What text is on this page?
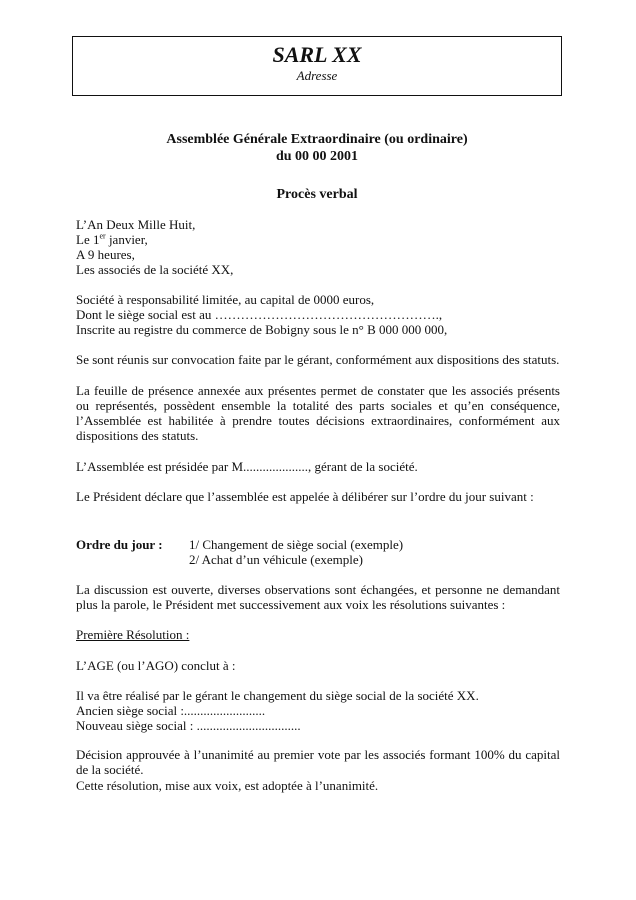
SARL XX
Adresse
Assemblée Générale Extraordinaire (ou ordinaire)
du 00 00 2001
Procès verbal
L’An Deux Mille Huit,
Le 1er janvier,
A 9 heures,
Les associés de la société XX,
Société à responsabilité limitée, au capital de 0000 euros,
Dont le siège social est au …………………………………………….,
Inscrite au registre du commerce de Bobigny sous le n° B 000 000 000,
Se sont réunis sur convocation faite par le gérant, conformément aux dispositions des statuts.
La feuille de présence annexée aux présentes permet de constater que les associés présents ou représentés, possèdent ensemble la totalité des parts sociales et qu’en conséquence, l’Assemblée est habilitée à prendre toutes décisions extraordinaires, conformément aux dispositions des statuts.
L’Assemblée est présidée par M...................., gérant de la société.
Le Président déclare que l’assemblée est appelée à délibérer sur l’ordre du jour suivant :
Ordre du jour : 1/ Changement de siège social (exemple)
2/ Achat d’un véhicule (exemple)
La discussion est ouverte, diverses observations sont échangées, et personne ne demandant plus la parole, le Président met successivement aux voix les résolutions suivantes :
Première Résolution :
L’AGE (ou l’AGO) conclut à :
Il va être réalisé par le gérant le changement du siège social de la société XX.
Ancien siège social :.........................
Nouveau siège social : ................................
Décision approuvée à l’unanimité au premier vote par les associés formant 100% du capital de la société.
Cette résolution, mise aux voix, est adoptée à l’unanimité.
